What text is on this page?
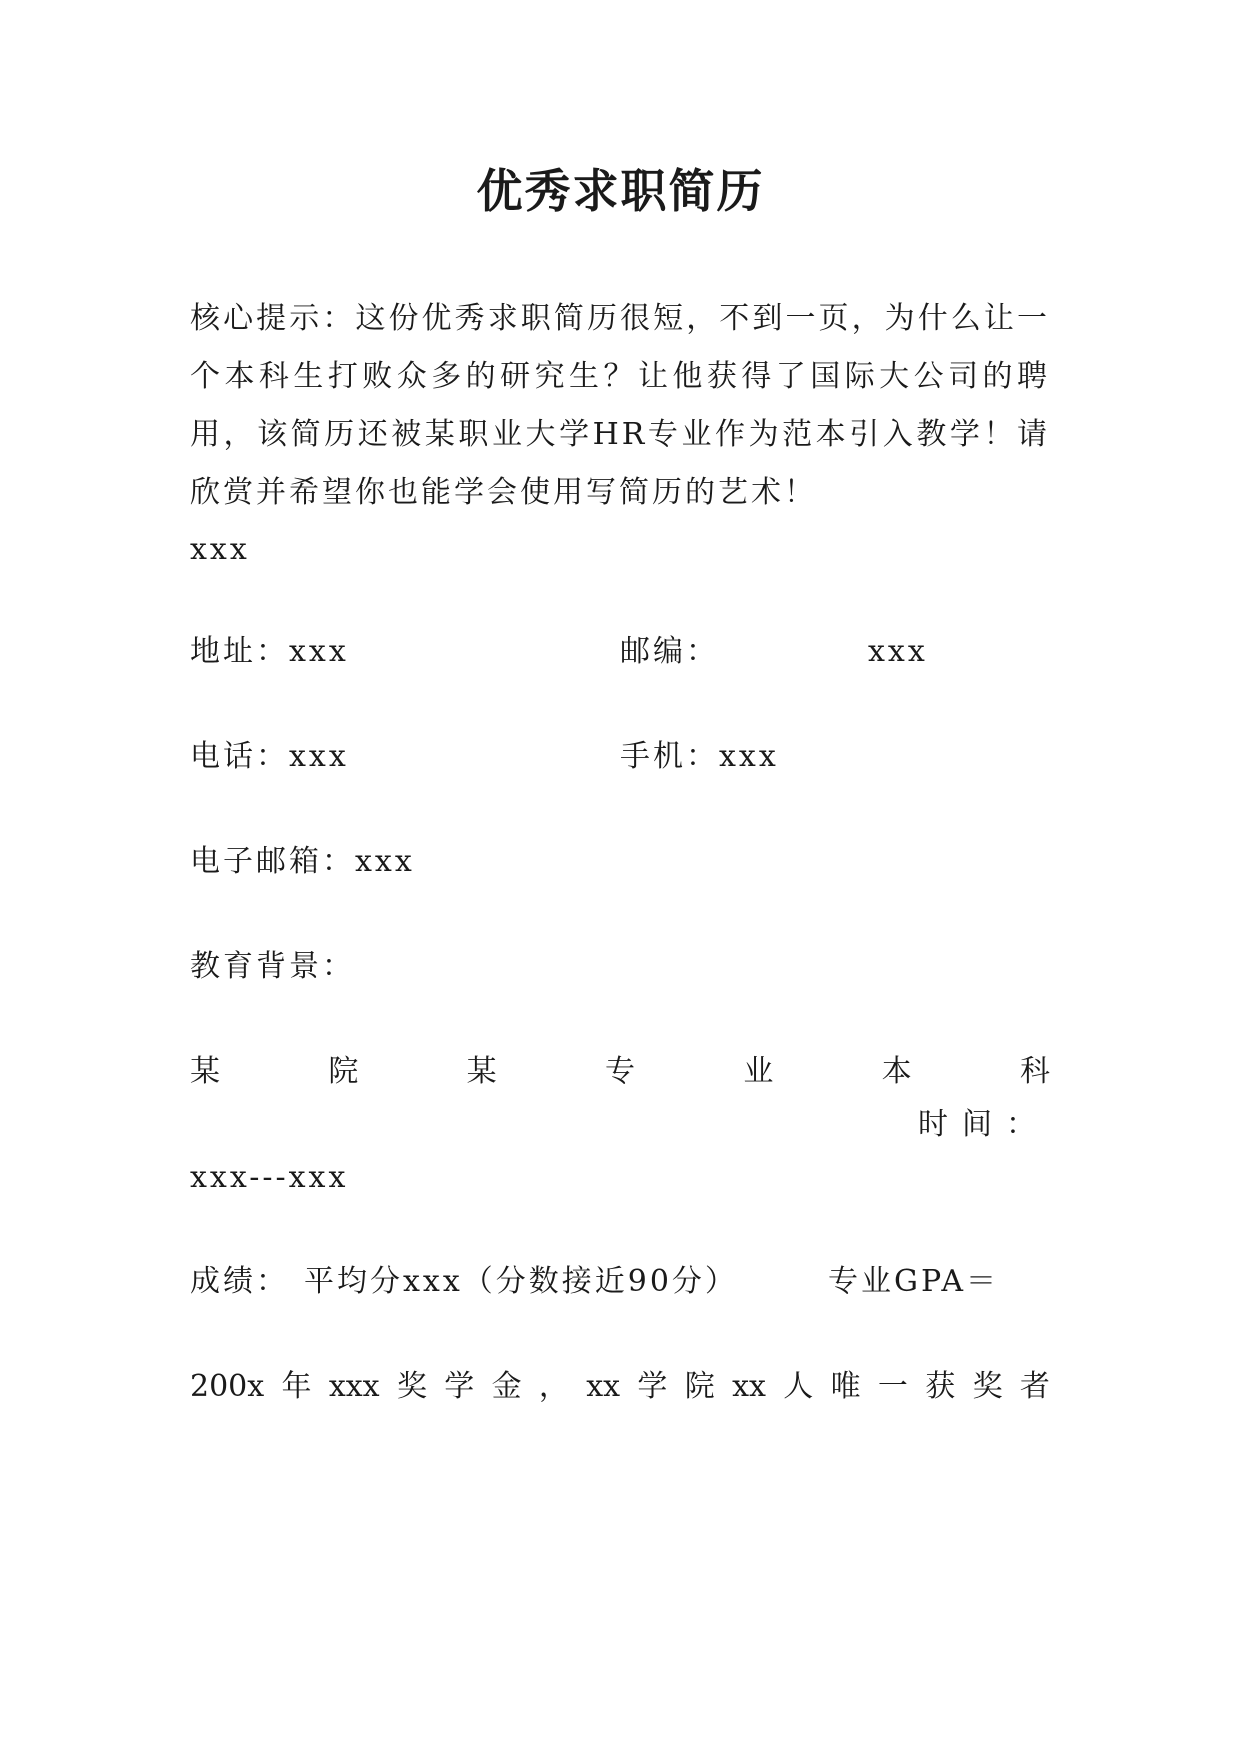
优秀求职简历

核心提示：这份优秀求职简历很短，不到一页，为什么让一个本科生打败众多的研究生？让他获得了国际大公司的聘用，该简历还被某职业大学HR专业作为范本引入教学！请欣赏并希望你也能学会使用写简历的艺术！

xxx
地址：xxx	邮编：	xxx
电话：xxx	手机：xxx
电子邮箱：xxx
教育背景：
某	院	某	专	业	本	科
时间：
xxx---xxx
成绩： 平均分xxx（分数接近90分）	专业GPA＝
200x 年 xxx 奖 学 金 ， xx 学 院 xx 人 唯 一 获 奖 者
